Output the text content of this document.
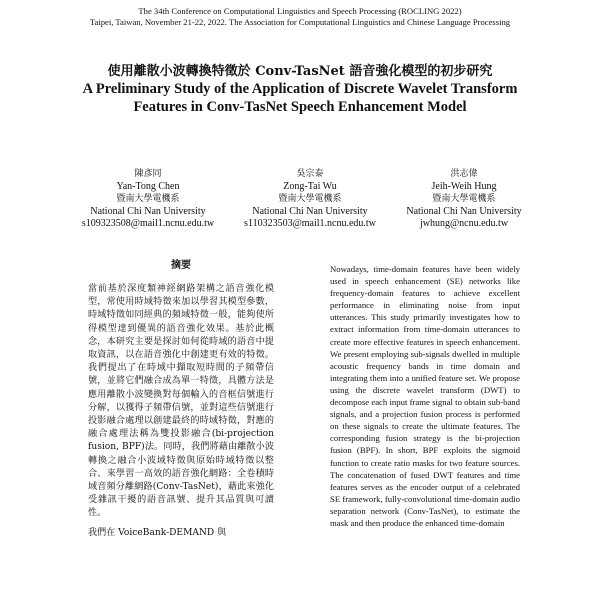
The 34th Conference on Computational Linguistics and Speech Processing (ROCLING 2022)
Taipei, Taiwan, November 21-22, 2022. The Association for Computational Linguistics and Chinese Language Processing
使用離散小波轉換特徵於 Conv-TasNet 語音強化模型的初步研究
A Preliminary Study of the Application of Discrete Wavelet Transform Features in Conv-TasNet Speech Enhancement Model
陳彥同
Yan-Tong Chen
暨南大學電機系
National Chi Nan University
s109323508@mail1.ncnu.edu.tw
吳宗泰
Zong-Tai Wu
暨南大學電機系
National Chi Nan University
s110323503@mail1.ncnu.edu.tw
洪志偉
Jeih-Weih Hung
暨南大學電機系
National Chi Nan University
jwhung@ncnu.edu.tw
摘要

當前基於深度類神經網路架構之語音強化模型，常使用時域特徵來加以學習其模型參數，時域特徵如同經典的頻域特徵一般，能夠使所得模型達到優異的語音強化效果。基於此概念，本研究主要是探討如何從時域的語音中提取資訊，以在語音強化中創建更有效的特徵。我們提出了在時域中擷取短時間的子頻帶信號，並將它們融合成為單一特徵，具體方法是應用離散小波變換對每個輸入的音框信號進行分解，以獲得子頻帶信號，並對這些信號進行投影融合處理以創建最終的時域特徵，對應的融合處理法稱為雙投影融合(bi-projection fusion, BPF)法。同時，我們將藉由離散小波轉換之融合小波域特徵與原始時域特徵以整合、來學習一高效的語音強化網路：全卷積時域音頻分離網路(Conv-TasNet)，藉此來強化受雜訊干擾的語音訊號、提升其品質與可讀性。

我們在 VoiceBank-DEMAND 與

Nowadays, time-domain features have been widely used in speech enhancement (SE) networks like frequency-domain features to achieve excellent performance in eliminating noise from input utterances. This study primarily investigates how to extract information from time-domain utterances to create more effective features in speech enhancement. We present employing sub-signals dwelled in multiple acoustic frequency bands in time domain and integrating them into a unified feature set. We propose using the discrete wavelet transform (DWT) to decompose each input frame signal to obtain sub-band signals, and a projection fusion process is performed on these signals to create the ultimate features. The corresponding fusion strategy is the bi-projection fusion (BPF). In short, BPF exploits the sigmoid function to create ratio masks for two feature sources. The concatenation of fused DWT features and time features serves as the encoder output of a celebrated SE framework, fully-convolutional time-domain audio separation network (Conv-TasNet), to estimate the mask and then produce the enhanced time-domain
